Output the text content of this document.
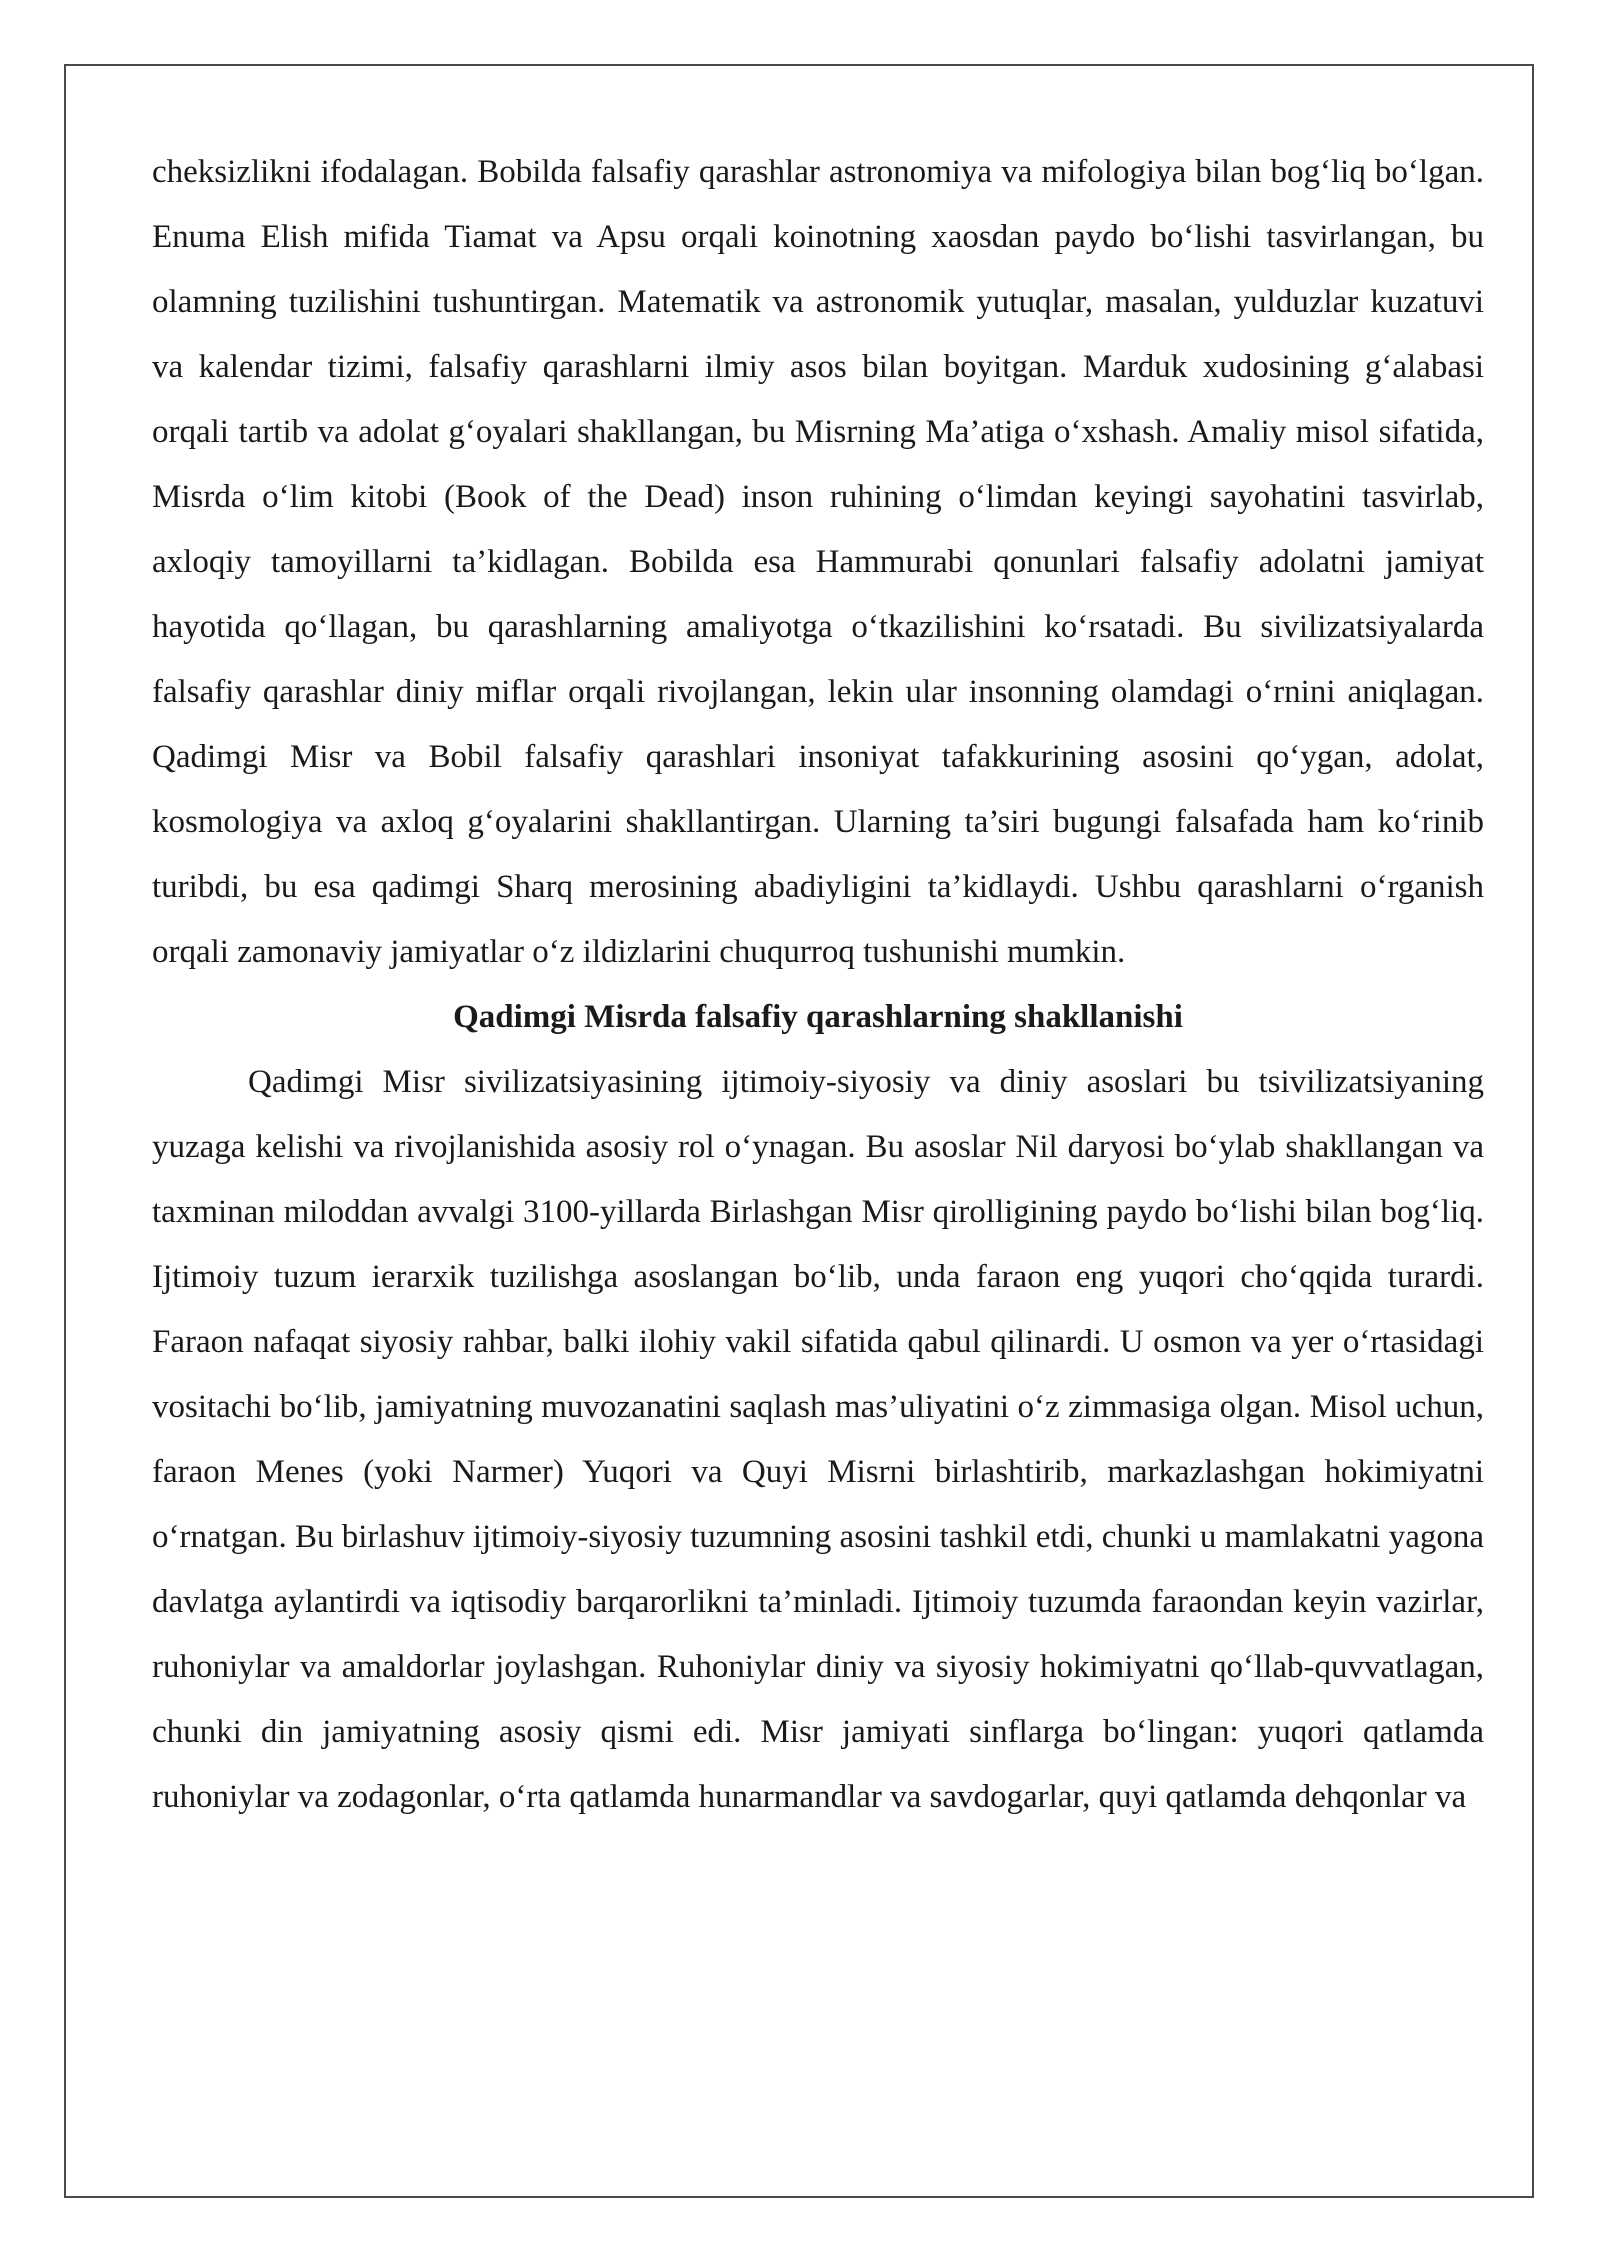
cheksizlikni ifodalagan. Bobilda falsafiy qarashlar astronomiya va mifologiya bilan bog‘liq bo‘lgan. Enuma Elish mifida Tiamat va Apsu orqali koinotning xaosdan paydo bo‘lishi tasvirlangan, bu olamning tuzilishini tushuntirgan. Matematik va astronomik yutuqlar, masalan, yulduzlar kuzatuvi va kalendar tizimi, falsafiy qarashlarni ilmiy asos bilan boyitgan. Marduk xudosining g‘alabasi orqali tartib va adolat g‘oyalari shakllangan, bu Misrning Ma’atiga o‘xshash. Amaliy misol sifatida, Misrda o‘lim kitobi (Book of the Dead) inson ruhining o‘limdan keyingi sayohatini tasvirlab, axloqiy tamoyillarni ta’kidlagan. Bobilda esa Hammurabi qonunlari falsafiy adolatni jamiyat hayotida qo‘llagan, bu qarashlarning amaliyotga o‘tkazilishini ko‘rsatadi. Bu sivilizatsiyalarda falsafiy qarashlar diniy miflar orqali rivojlangan, lekin ular insonning olamdagi o‘rnini aniqlagan. Qadimgi Misr va Bobil falsafiy qarashlari insoniyat tafakkurining asosini qo‘ygan, adolat, kosmologiya va axloq g‘oyalarini shakllantirgan. Ularning ta’siri bugungi falsafada ham ko‘rinib turibdi, bu esa qadimgi Sharq merosining abadiyligini ta’kidlaydi. Ushbu qarashlarni o‘rganish orqali zamonaviy jamiyatlar o‘z ildizlarini chuqurroq tushunishi mumkin.

Qadimgi Misrda falsafiy qarashlarning shakllanishi

Qadimgi Misr sivilizatsiyasining ijtimoiy-siyosiy va diniy asoslari bu tsivilizatsiyaning yuzaga kelishi va rivojlanishida asosiy rol o‘ynagan. Bu asoslar Nil daryosi bo‘ylab shakllangan va taxminan miloddan avvalgi 3100-yillarda Birlashgan Misr qirolligining paydo bo‘lishi bilan bog‘liq. Ijtimoiy tuzum ierarxik tuzilishga asoslangan bo‘lib, unda faraon eng yuqori cho‘qqida turardi. Faraon nafaqat siyosiy rahbar, balki ilohiy vakil sifatida qabul qilinardi. U osmon va yer o‘rtasidagi vositachi bo‘lib, jamiyatning muvozanatini saqlash mas’uliyatini o‘z zimmasiga olgan. Misol uchun, faraon Menes (yoki Narmer) Yuqori va Quyi Misrni birlashtirib, markazlashgan hokimiyatni o‘rnatgan. Bu birlashuv ijtimoiy-siyosiy tuzumning asosini tashkil etdi, chunki u mamlakatni yagona davlatga aylantirdi va iqtisodiy barqarorlikni ta’minladi. Ijtimoiy tuzumda faraondan keyin vazirlar, ruhoniylar va amaldorlar joylashgan. Ruhoniylar diniy va siyosiy hokimiyatni qo‘llab-quvvatlagan, chunki din jamiyatning asosiy qismi edi. Misr jamiyati sinflarga bo‘lingan: yuqori qatlamda ruhoniylar va zodagonlar, o‘rta qatlamda hunarmandlar va savdogarlar, quyi qatlamda dehqonlar va
